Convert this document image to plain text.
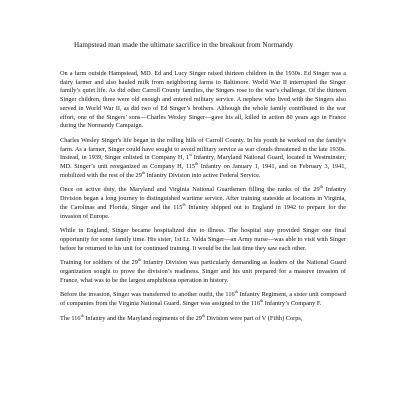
Hampstead man made the ultimate sacrifice in the breakout from Normandy

On a farm outside Hampstead, MD. Ed and Lucy Singer raised thirteen children in the 1930s. Ed Singer was a dairy farmer and also hauled milk from neighboring farms to Baltimore. World War II interrupted the Singer family’s quiet life. As did other Carroll County families, the Singers rose to the war’s challenge. Of the thirteen Singer children, three were old enough and entered military service. A nephew who lived with the Singers also served in World War II, as did two of Ed Singer’s brothers. Although the whole family contributed to the war effort, one of the Singers’ sons—Charles Wesley Singer—gave his all, killed in action 80 years ago in France during the Normandy Campaign.

Charles Wesley Singer's life began in the rolling hills of Carroll County. In his youth he worked on the family's farm. As a farmer, Singer could have sought to avoid military service as war clouds threatened in the late 1930s. Instead, in 1939, Singer enlisted in Company H, 1st Infantry, Maryland National Guard, located in Westminster, MD. Singer’s unit reorganized as Company H, 115th Infantry on January 1, 1941, and on February 3, 1941, mobilized with the rest of the 29th Infantry Division into active Federal Service.

Once on active duty, the Maryland and Virginia National Guardsmen filling the ranks of the 29th Infantry Division began a long journey to distinguished wartime service. After training stateside at locations in Virginia, the Carolinas and Florida, Singer and the 115th Infantry shipped out to England in 1942 to prepare for the invasion of Europe.

While in England, Singer became hospitalized due to illness. The hospital stay provided Singer one final opportunity for some family time. His sister, 1st Lt. Valda Singer—an Army nurse—was able to visit with Singer before he returned to his unit for continued training. It would be the last time they saw each other.

Training for soldiers of the 29th Infantry Division was particularly demanding as leaders of the National Guard organization sought to prove the division’s readiness. Singer and his unit prepared for a massive invasion of France, what was to be the largest amphibious operation in history.

Before the invasion, Singer was transferred to another outfit, the 116th Infantry Regiment, a sister unit composed of companies from the Virginia National Guard. Singer was assigned to the 116th Infantry’s Company F.

The 116th Infantry and the Maryland regiments of the 29th Division were part of V (Fifth) Corps,
